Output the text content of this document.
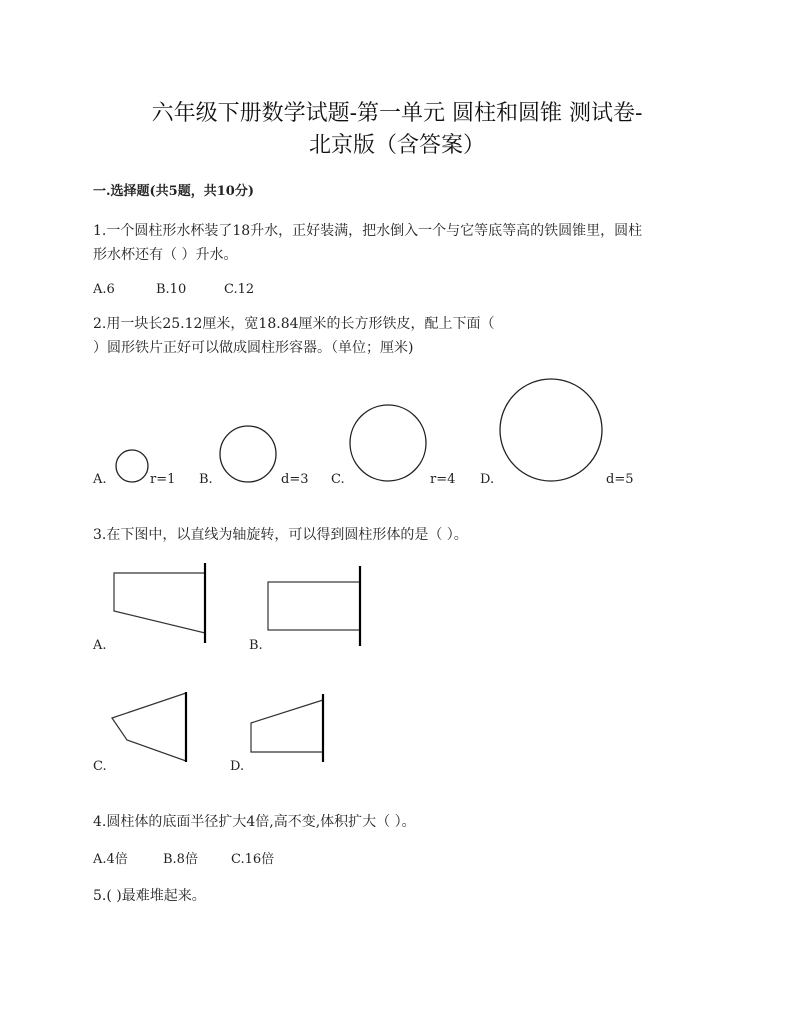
六年级下册数学试题-第一单元 圆柱和圆锥 测试卷-
北京版（含答案）
一.选择题(共5题，共10分)
1.一个圆柱形水杯装了18升水，正好装满，把水倒入一个与它等底等高的铁圆锥里，圆柱
形水杯还有（ ）升水。
A.6	B.10	C.12
2.用一块长25.12厘米，宽18.84厘米的长方形铁皮，配上下面（
）圆形铁片正好可以做成圆柱形容器。（单位；厘米)
A.	r=1 B.	d=3 C.	r=4 D.	d=5
3.在下图中，以直线为轴旋转，可以得到圆柱形体的是（ ）。
A.	B.
C.	D.
4.圆柱体的底面半径扩大4倍,高不变,体积扩大（ ）。
A.4倍	B.8倍	C.16倍
5.( )最难堆起来。
